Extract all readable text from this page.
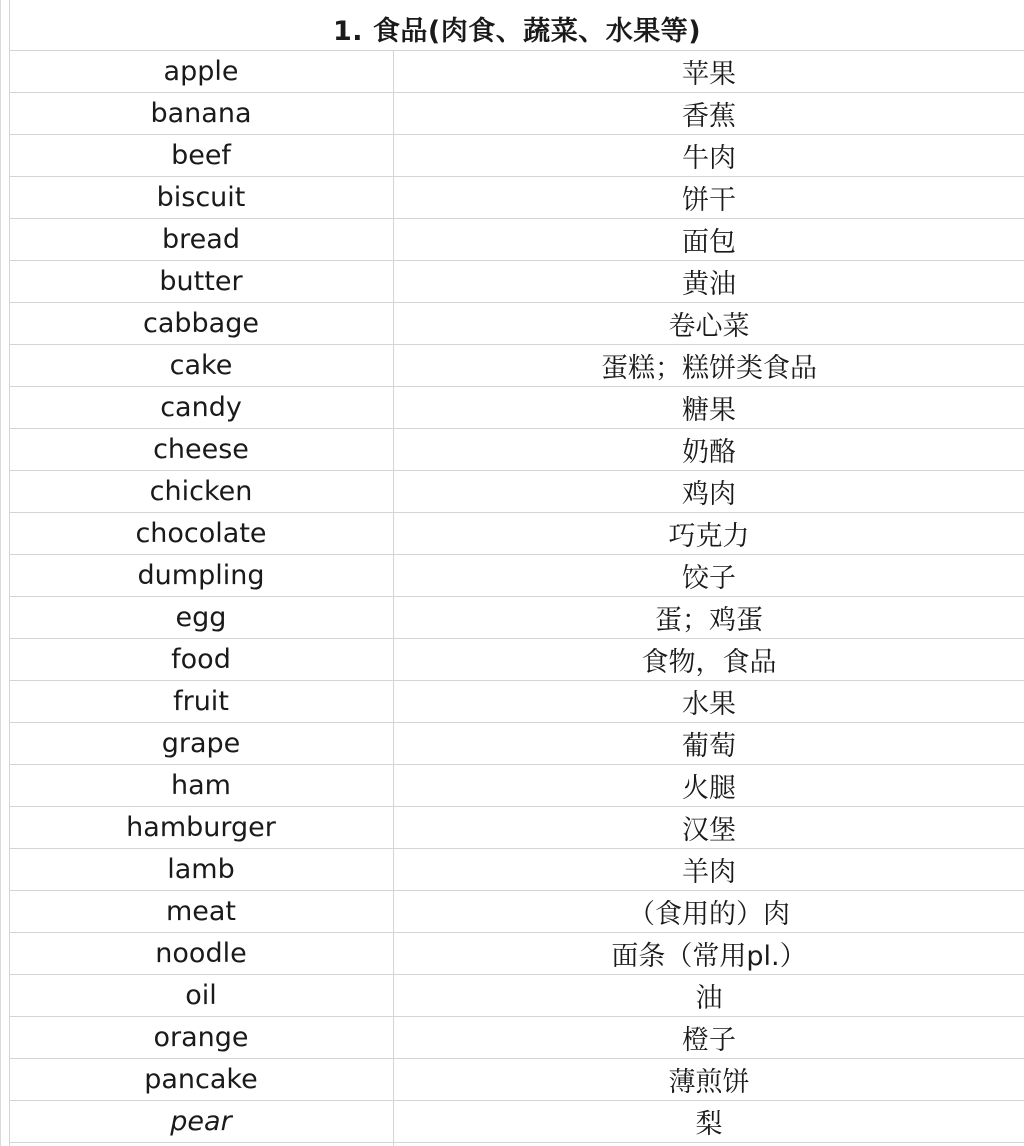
1. 食品(肉食、蔬菜、水果等)
apple	苹果
banana	香蕉
beef	牛肉
biscuit	饼干
bread	面包
butter	黄油
cabbage	卷心菜
cake	蛋糕；糕饼类食品
candy	糖果
cheese	奶酪
chicken	鸡肉
chocolate	巧克力
dumpling	饺子
egg	蛋；鸡蛋
food	食物，食品
fruit	水果
grape	葡萄
ham	火腿
hamburger	汉堡
lamb	羊肉
meat	（食用的）肉
noodle	面条（常用pl.）
oil	油
orange	橙子
pancake	薄煎饼
pear	梨
